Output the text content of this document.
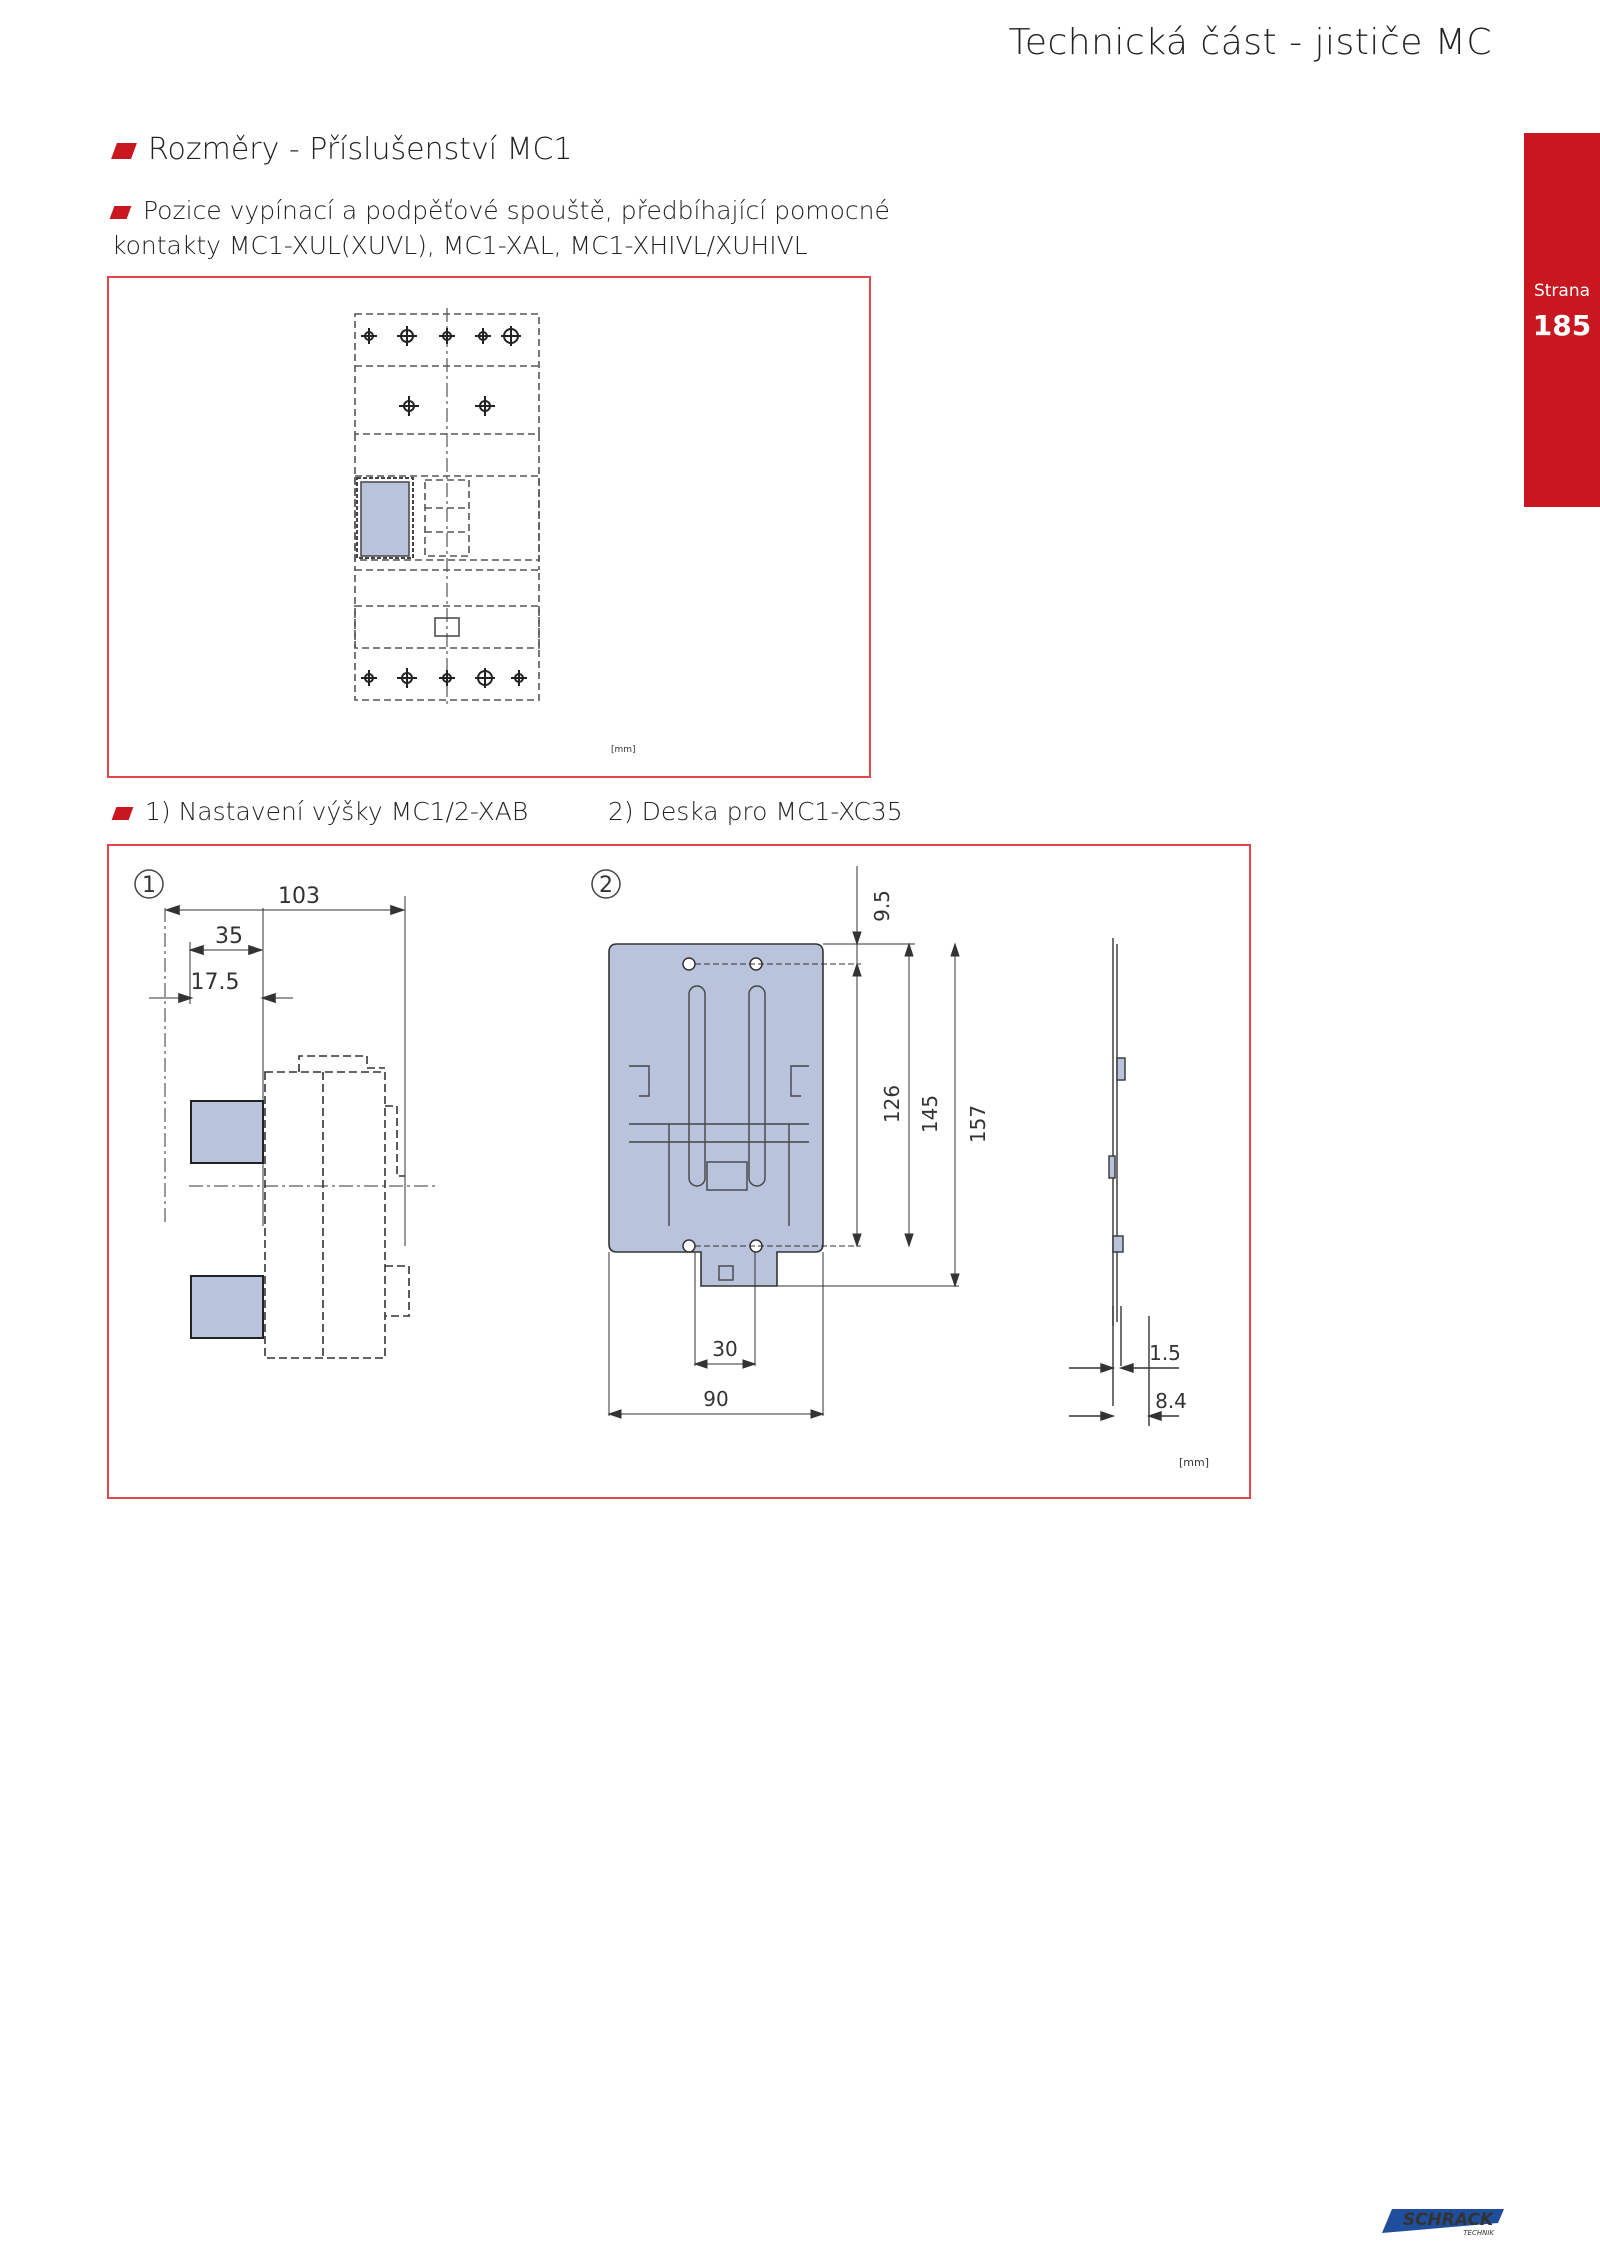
Technická část - jističe MC
Strana
185
Rozměry - Příslušenství MC1
Pozice vypínací a podpěťové spouště, předbíhající pomocné kontakty MC1-XUL(XUVL), MC1-XAL, MC1-XHIVL/XUHIVL
[mm]
1) Nastavení výšky MC1/2-XAB	2) Deska pro MC1-XC35
1	2
103
35
17.5
9.5
126 145 157
30
90
1.5
8.4
[mm]
SCHRACK
TECHNIK
